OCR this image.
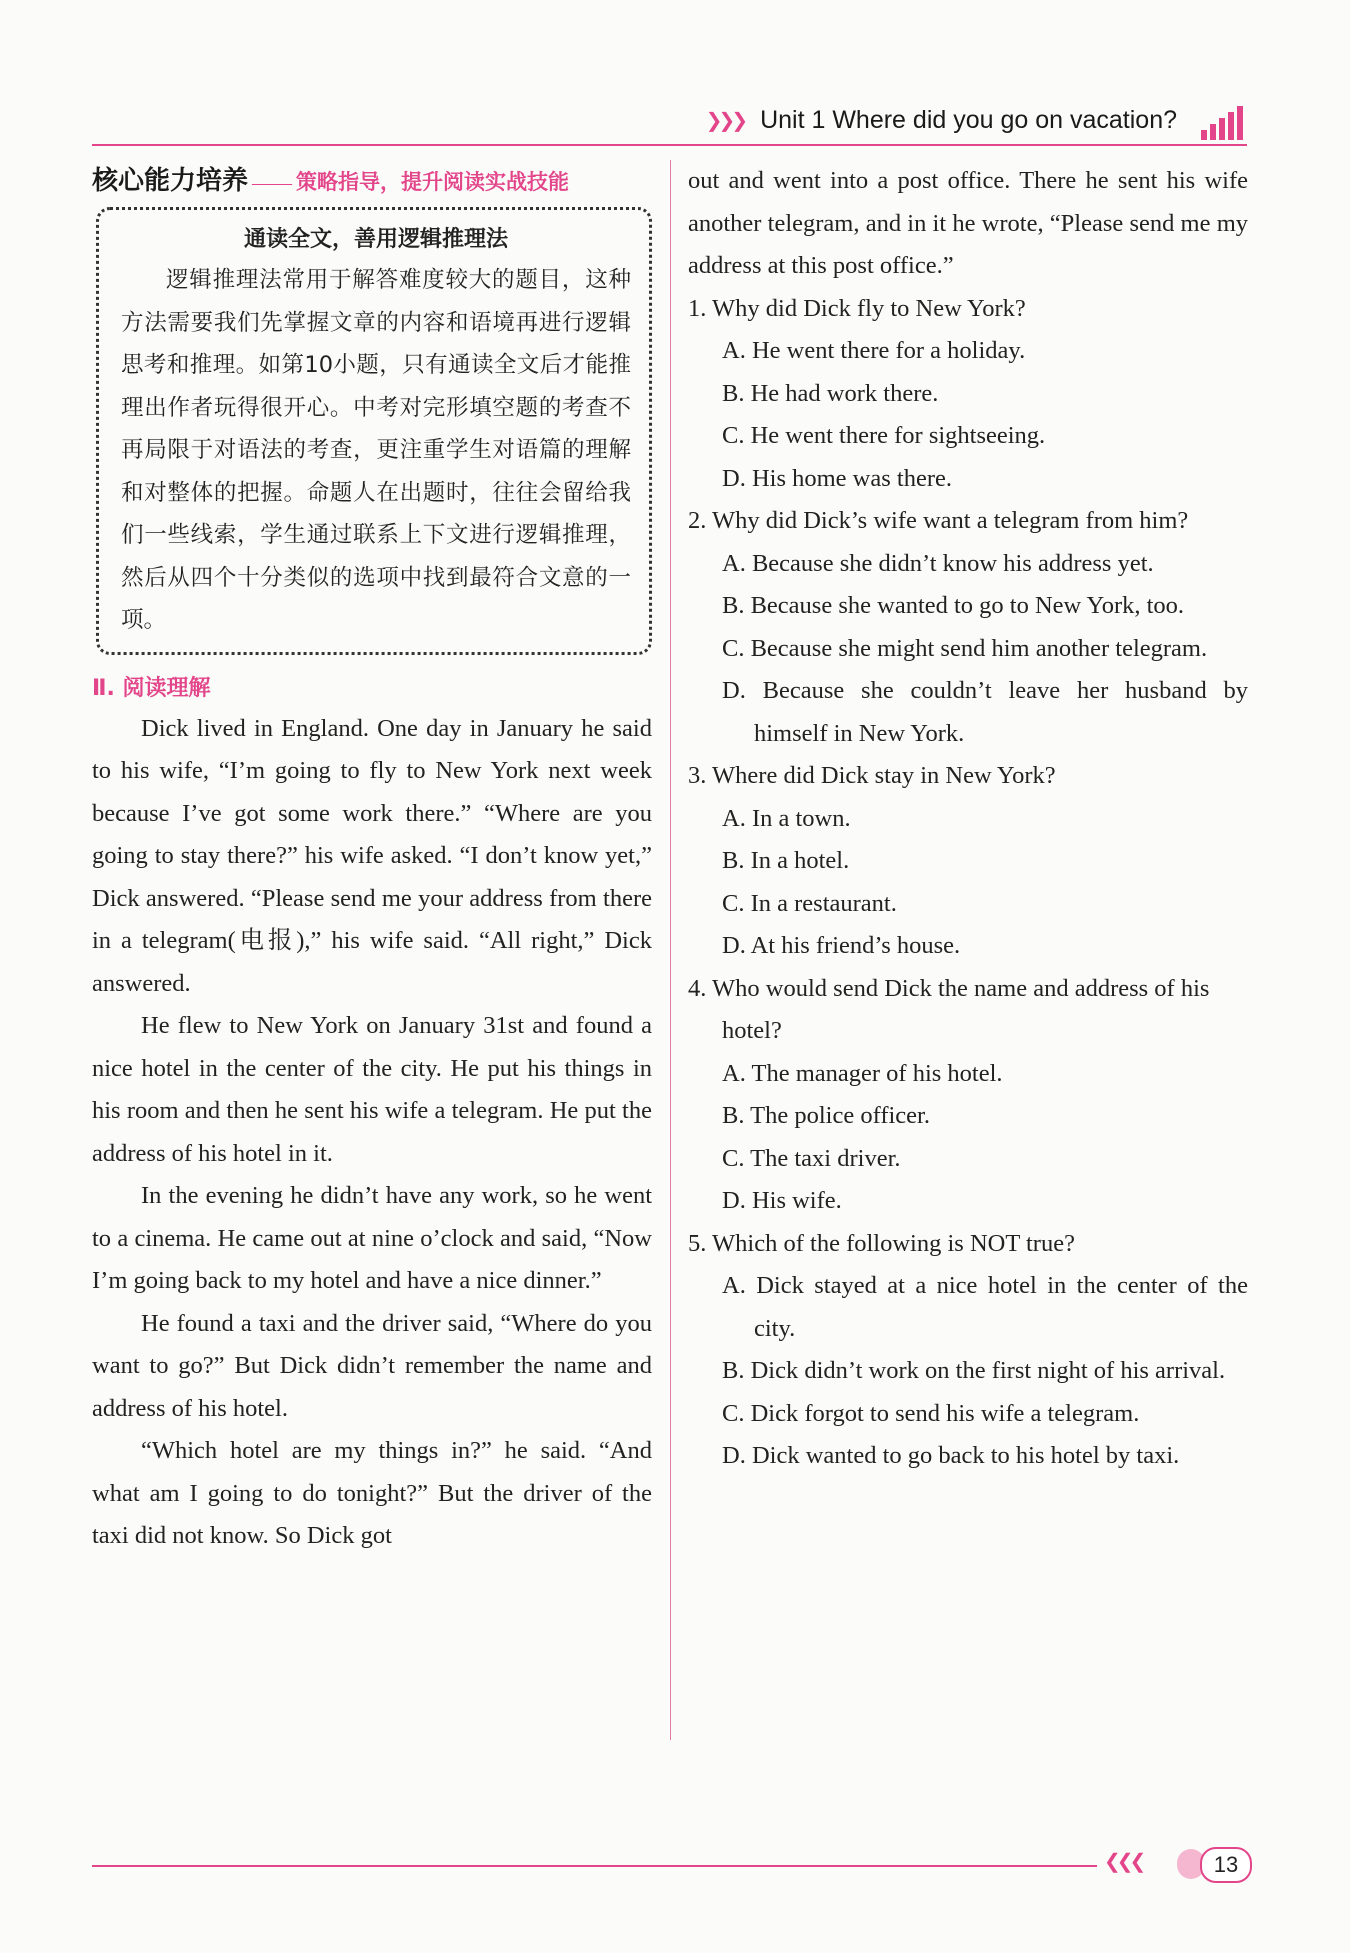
❯❯❯ Unit 1 Where did you go on vacation?
核心能力培养 —— 策略指导，提升阅读实战技能
通读全文，善用逻辑推理法
逻辑推理法常用于解答难度较大的题目，这种方法需要我们先掌握文章的内容和语境再进行逻辑思考和推理。如第10小题，只有通读全文后才能推理出作者玩得很开心。中考对完形填空题的考查不再局限于对语法的考查，更注重学生对语篇的理解和对整体的把握。命题人在出题时，往往会留给我们一些线索，学生通过联系上下文进行逻辑推理，然后从四个十分类似的选项中找到最符合文意的一项。
Ⅱ. 阅读理解

Dick lived in England. One day in January he said to his wife, “I’m going to fly to New York next week because I’ve got some work there.” “Where are you going to stay there?” his wife asked. “I don’t know yet,” Dick answered. “Please send me your address from there in a telegram(电报),” his wife said. “All right,” Dick answered.

He flew to New York on January 31st and found a nice hotel in the center of the city. He put his things in his room and then he sent his wife a telegram. He put the address of his hotel in it.

In the evening he didn’t have any work, so he went to a cinema. He came out at nine o’clock and said, “Now I’m going back to my hotel and have a nice dinner.”

He found a taxi and the driver said, “Where do you want to go?” But Dick didn’t remember the name and address of his hotel.

“Which hotel are my things in?” he said. “And what am I going to do tonight?” But the driver of the taxi did not know. So Dick got

out and went into a post office. There he sent his wife another telegram, and in it he wrote, “Please send me my address at this post office.”

1. Why did Dick fly to New York?

A. He went there for a holiday.

B. He had work there.

C. He went there for sightseeing.

D. His home was there.

2. Why did Dick’s wife want a telegram from him?

A. Because she didn’t know his address yet.

B. Because she wanted to go to New York, too.

C. Because she might send him another telegram.

D. Because she couldn’t leave her husband by himself in New York.

3. Where did Dick stay in New York?

A. In a town.

B. In a hotel.

C. In a restaurant.

D. At his friend’s house.

4. Who would send Dick the name and address of his hotel?

A. The manager of his hotel.

B. The police officer.

C. The taxi driver.

D. His wife.

5. Which of the following is NOT true?

A. Dick stayed at a nice hotel in the center of the city.

B. Dick didn’t work on the first night of his arrival.

C. Dick forgot to send his wife a telegram.

D. Dick wanted to go back to his hotel by taxi.

❮❮❮	13
